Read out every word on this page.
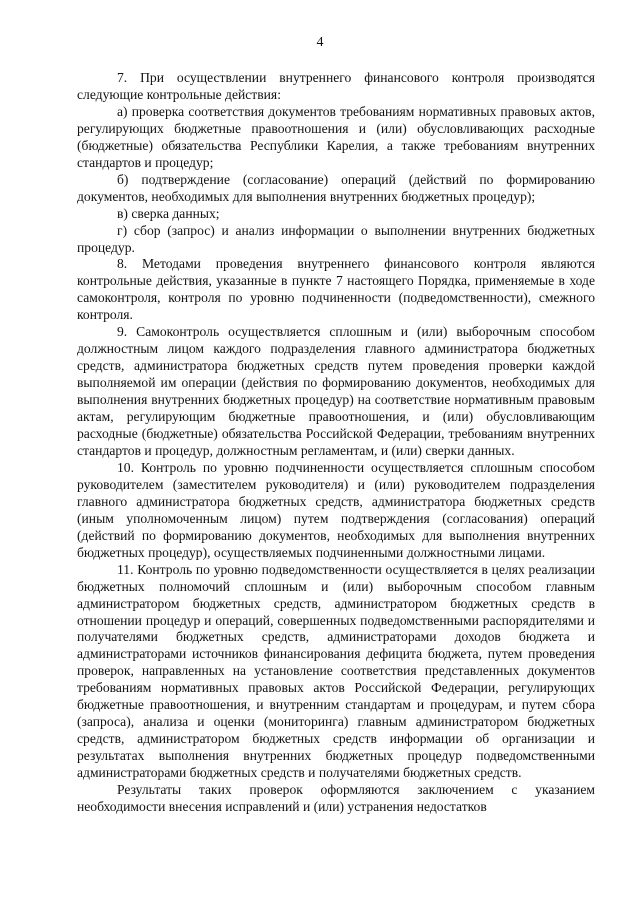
4

7. При осуществлении внутреннего финансового контроля производятся следующие контрольные действия:

а) проверка соответствия документов требованиям нормативных правовых актов, регулирующих бюджетные правоотношения и (или) обусловливающих расходные (бюджетные) обязательства Республики Карелия, а также требованиям внутренних стандартов и процедур;

б) подтверждение (согласование) операций (действий по формированию документов, необходимых для выполнения внутренних бюджетных процедур);

в) сверка данных;

г) сбор (запрос) и анализ информации о выполнении внутренних бюджетных процедур.

8. Методами проведения внутреннего финансового контроля являются контрольные действия, указанные в пункте 7 настоящего Порядка, применяемые в ходе самоконтроля, контроля по уровню подчиненности (подведомственности), смежного контроля.

9. Самоконтроль осуществляется сплошным и (или) выборочным способом должностным лицом каждого подразделения главного администратора бюджетных средств, администратора бюджетных средств путем проведения проверки каждой выполняемой им операции (действия по формированию документов, необходимых для выполнения внутренних бюджетных процедур) на соответствие нормативным правовым актам, регулирующим бюджетные правоотношения, и (или) обусловливающим расходные (бюджетные) обязательства Российской Федерации, требованиям внутренних стандартов и процедур, должностным регламентам, и (или) сверки данных.

10. Контроль по уровню подчиненности осуществляется сплошным способом руководителем (заместителем руководителя) и (или) руководителем подразделения главного администратора бюджетных средств, администратора бюджетных средств (иным уполномоченным лицом) путем подтверждения (согласования) операций (действий по формированию документов, необходимых для выполнения внутренних бюджетных процедур), осуществляемых подчиненными должностными лицами.

11. Контроль по уровню подведомственности осуществляется в целях реализации бюджетных полномочий сплошным и (или) выборочным способом главным администратором бюджетных средств, администратором бюджетных средств в отношении процедур и операций, совершенных подведомственными распорядителями и получателями бюджетных средств, администраторами доходов бюджета и администраторами источников финансирования дефицита бюджета, путем проведения проверок, направленных на установление соответствия представленных документов требованиям нормативных правовых актов Российской Федерации, регулирующих бюджетные правоотношения, и внутренним стандартам и процедурам, и путем сбора (запроса), анализа и оценки (мониторинга) главным администратором бюджетных средств, администратором бюджетных средств информации об организации и результатах выполнения внутренних бюджетных процедур подведомственными администраторами бюджетных средств и получателями бюджетных средств.

Результаты таких проверок оформляются заключением с указанием необходимости внесения исправлений и (или) устранения недостатков
